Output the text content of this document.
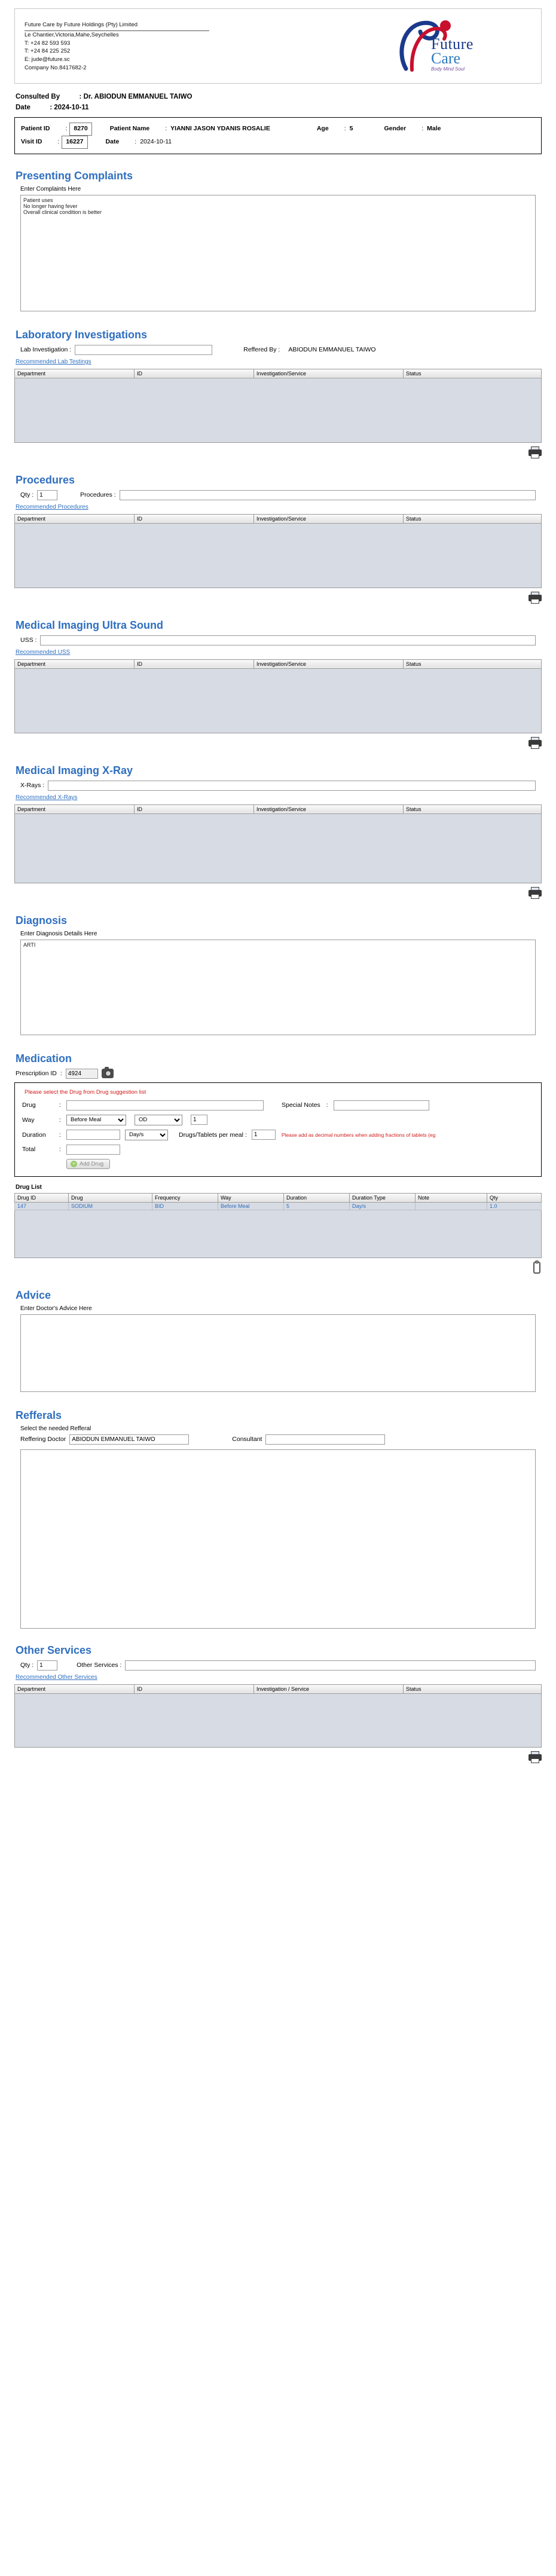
Future Care by Future Holdings (Pty) Limited
Le Chantier,Victoria,Mahe,Seychelles
T: +24 82 593 593
T: +24 84 225 252
E: jude@future.sc
Company No.8417682-2
Future
Care
Body Mind Soul
Consulted By	: Dr. ABIODUN EMMANUEL TAIWO
Date	: 2024-10-11
Patient ID :	8270	Patient Name : YIANNI JASON YDANIS ROSALIE	Age : 5	Gender : Male
Visit ID :	16227	Date : 2024-10-11
Presenting Complaints
Enter Complaints Here
Patient uses No longer having fever Overall clinical condition is better
Laboratory Investigations
Lab Investigation :	Reffered By : ABIODUN EMMANUEL TAIWO
Recommended Lab Testings
Department	ID	Investigation/Service	Status
Procedures
Qty :
1	Procedures :
Recommended Procedures
Department	ID	Investigation/Service	Status
Medical Imaging Ultra Sound
USS :
Recommended USS
Department	ID	Investigation/Service	Status
Medical Imaging X-Ray
X-Rays :
Recommended X-Rays
Department	ID	Investigation/Service	Status
Diagnosis
Enter Diagnosis Details Here
ARTI
Medication
Prescription ID :
4924
Please select the Drug from Drug suggestion list
Drug	:	Special Notes :
Way	:
Before Meal
OD
1
Duration	:
Day/s	Drugs/Tablets per meal :
1	Please add as decimal numbers when adding fractions of tablets (eg
Total	:
+ Add Drug
Drug List
Drug ID	Drug	Frequency	Way	Duration	Duration Type	Note	Qty
147	SODIUM	BID	Before Meal	5	Day/s		1.0
Advice
Enter Doctor's Advice Here
Refferals
Select the needed Refferal
Reffering Doctor
ABIODUN EMMANUEL TAIWO	Consultant
Other Services
Qty :
1	Other Services :
Recommended Other Services
Department	ID	Investigation / Service	Status
